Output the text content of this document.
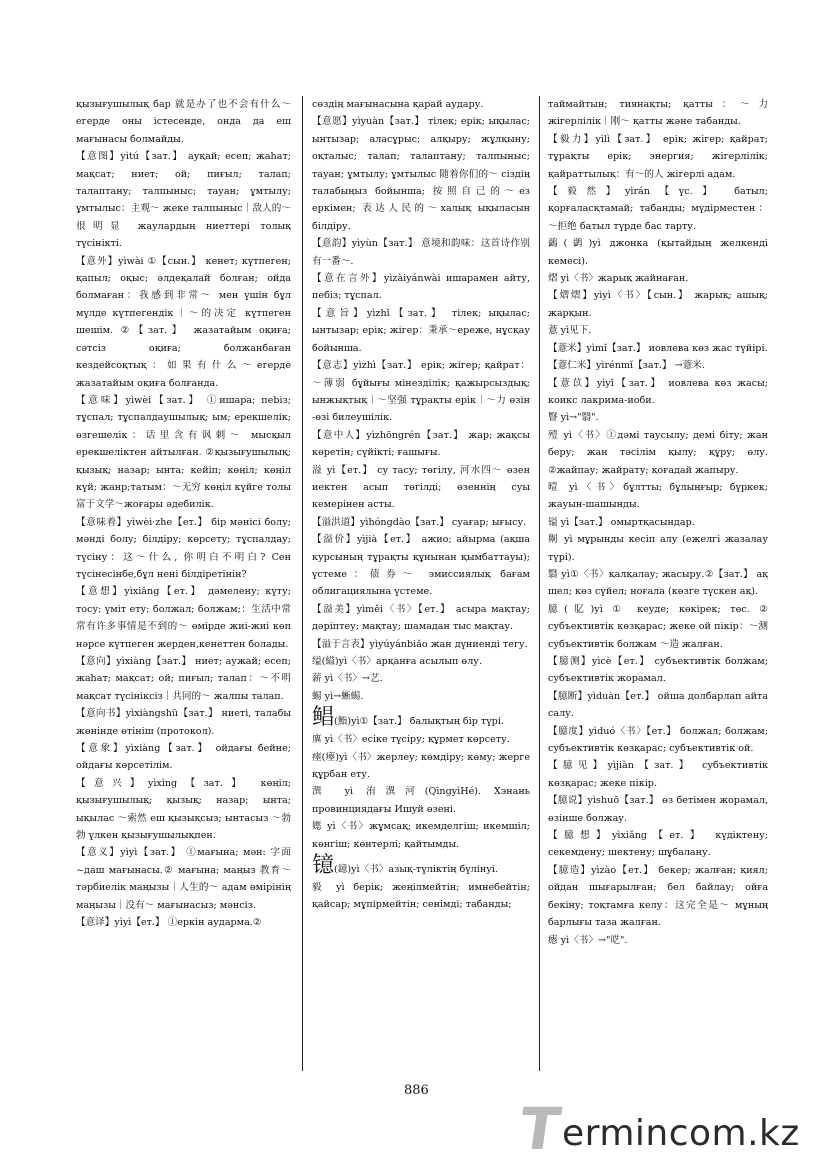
қызығушылық бар 就是办了也不会有什么～ егерде оны істесенде, онда да еш мағынасы болмайды.

【意图】yìtú【зат.】 ауқай; есеп; жаһат; мақсат; ниет; ой; пиғыл; талап; талаптану; талпыныс; тауан; ұмтылу; ұмтылыс：主观～ жеке талпыныс｜敌人的～很明显 жаулардың ниеттері толық түсінікті.

【意外】yìwài ①【сын.】 кенет; күтпеген; қапыл; оқыс; әлдеқалай болған; ойда болмаған：我感到非常～ мен үшін бұл мүлде күтпегендік｜～的决定 күтпеген шешім. ②【зат.】 жазатайым оқиға; сәтсіз оқиға; болжанбаған кездейсоқтық：如果有什么～егерде жазатайым оқиға болғанда.

【意味】yìwèi【зат.】 ①ишара; пеbiз; тұспал; тұспалдаушылық; ым; ерекшелік; өзгешелік：话里含有讽刺～ мысқыл ерекшеліктен айтылған. ②қызығушылық; қызық; назар; ынта; кейіп; көңіл; көңіл күй; жанр;татым：～无穷 көңіл күйге толы 富于文学～жоғары әдебилік.

【意味着】yìwèi·zhe【ет.】 бір мәнісі болу; мәнді болу; білдіру; көрсету; тұспалдау; түсіну：这～什么, 你明白不明白? Сен түсінесінбе,бұл нені білдіретінін?

【意想】yìxiǎng【ет.】 дәмелену; күту; тосу; үміт ету; болжал; болжам;：生活中常常有许多事情是不到的～ өмірде жиі-жиі көп нәрсе күтпеген жерден,кенеттен болады.

【意向】yìxiàng【зат.】 ниет; аужай; есеп; жаһат; мақсат; ой; пиғыл; талап：～不明 мақсат түсініксіз｜共同的～ жалпы талап.

【意向书】yìxiàngshū【зат.】 ниеті, талабы жөнінде өтініш (протокол).

【意象】yìxiàng【зат.】 ойдағы бейне; ойдағы көрсетілім.

【意兴】yìxìng【зат.】 көңіл; қызығушылық; қызық; назар; ынта; ықылас ～索然 еш қызықсыз; ынтасыз ～勃勃 үлкен қызығушылықпен.

【意义】yìyì【зат.】 ①мағына; мән: 字面~даш мағынасы.② мағына; маңыз 教育～тәрбиелік маңызы｜人生的～ адам өмірінің маңызы｜没有～ мағынасыз; мәнсіз.

【意译】yìyì【ет.】 ①еркін аударма.②

сөздің мағынасына қарай аудару.

【意愿】yìyuàn【зат.】 тілек; ерік; ықылас; ынтызар; аласұрыс; алқыру; жұлқыну; оқталыс; талап; талаптану; талпыныс; тауан; ұмтылу; ұмтылыс 随着你们的～ сіздің талабыңыз бойынша; 按照自己的～ез еркімен; 表达人民的～халық ықыласын білдіру.

【意韵】yìyùn【зат.】 意境和韵味：这首诗作别有一番～.

【意在言外】yìzàiyánwài ишарамен айту, пебіз; тұспал.

【意旨】yìzhǐ【зат.】 тілек; ықылас; ынтызар; ерік; жігер：秉承～ереже, нұсқау бойынша.

【意志】yìzhì【зат.】 ерік; жігер; қайрат：～薄弱 бұйығы мінезділік; қажырсыздық; ынжықтық｜～坚强 тұрақты ерік｜～力 өзін -өзі билеушілік.

【意中人】yìzhōngrén【зат.】 жар; жақсы көретін; сүйікті; ғашығы.

溢 yì【ет.】 су тасу; төгілу, 河水四～ өзен иектен асып төгілді; өзеннің суы кемерінен асты.

【溢洪道】yìhóngdào【зат.】 суағар; ығысу.

【溢价】yìjià【ет.】 ажио; айырма (ақша курсының тұрақты құнынан қымбаттауы); үстеме：债券～ эмиссиялық бағам облигациялына үстеме.

【溢美】yìměi〈书〉【ет.】 асыра мақтау; дәріптеу; мақтау; шамадан тыс мақтау.

【溢于言表】yìyúyánbiǎo жан дүниенді тегу.

缢(縊)yì〈书〉арқанға асылып өлу.

薪 yì〈书〉→艺.

蜴 yì→蜥蜴.

鲳(鮨)yì①【зат.】 балықтың бір түрі.

廙 yì〈书〉есіке түсіру; құрмет көрсету.

瘗(瘞)yì〈书〉жерлеу; көмдіру; көму; жерге құрбан ету.

潩 yì 洧潩河(QīngyìHé). Хэнань провинциядағы Ишуй өзені.

嫕 yì〈书〉жұмсақ; икемделгіш; икемшіл; көнгіш; көнтерлі; қайтымды.

镱(鐿)yì〈书〉азық-түліктің бүлінуі.

毅 yì берік; жеңілмейтін; имнебейтін; қайсар; мұпірмейтін; сенімді; табанды;

таймайтын; тиянақты; қатты：～力 жігерлілік｜刚～ қатты және табанды.

【毅力】yìlì【зат.】 ерік; жігер; қайрат; тұрақты ерік; энергия; жігерлілік; қайраттылық：有～的人 жігерлі адам.

【毅然】yìrán【үс.】 батыл; қорғаласқтамай; табанды; мүдірместен：～拒绝 батыл түрде бас тарту.

鷁(鹢)yì джонка (қытайдың желкенді кемесі).

熠 yì〈书〉жарық жайнаған.

【熠熠】yìyì〈书〉【сын.】 жарық; ашық; жарқын.

薏 yì见下.

【薏米】yìmǐ【зат.】 иовлева көз жас түйірі.

【薏仁米】yìrénmǐ【зат.】 →薏米.

【薏苡】yìyǐ【зат.】 иовлева көз жасы; коикс лакрима-иоби.

瞖 yì→"翳".

殪 yì〈书〉①дәмі таусылу; демі біту; жан беру; жан тәсілім қылу; құру; өлу. ②жайпау; жайрату; қоғадай жапыру.

曀 yì〈书〉бұлтты; бұлыңғыр; бүркек; жауын-шашынды.

镒 yì【зат.】 омыртқасындар.

劓 yì мұрынды кесіп алу (ежелгі жазалау түрі).

翳 yì①〈书〉қалқалау; жасыру.②【зат.】 ақ шел; көз сүйел; ноғала (көзге түскен ақ).

臆(肊)yì ① кеуде; көкірек; төс. ② субъективтік көзқарас; жеке ой пікір：～测 субъективтік болжам ～造 жалған.

【臆测】yìcè【ет.】 субъективтік болжам; субъективтік жорамал.

【臆断】yìduàn【ет.】 ойша долбарлап айта салу.

【臆度】yìduó〈书〉【ет.】 болжал; болжам; субъективтік көзқарас; субъективтік ой.

【臆见】yìjiàn【зат.】 субъективтік көзқарас; жеке пікір.

【臆说】yìshuō【зат.】 өз бетімен жорамал, өзінше болжау.

【臆想】yìxiǎng【ет.】 күдіктену; секемдену; шектену; шұбалану.

【臆造】yìzào【ет.】 бекер; жалған; қиял; ойдан шығарылған; бел байлау; ойға бекіну; тоқтамға келу：这完全是～ мұның барлығы таза жалған.

瘱 yì〈书〉→"呓".

886
T
ermincom.kz
